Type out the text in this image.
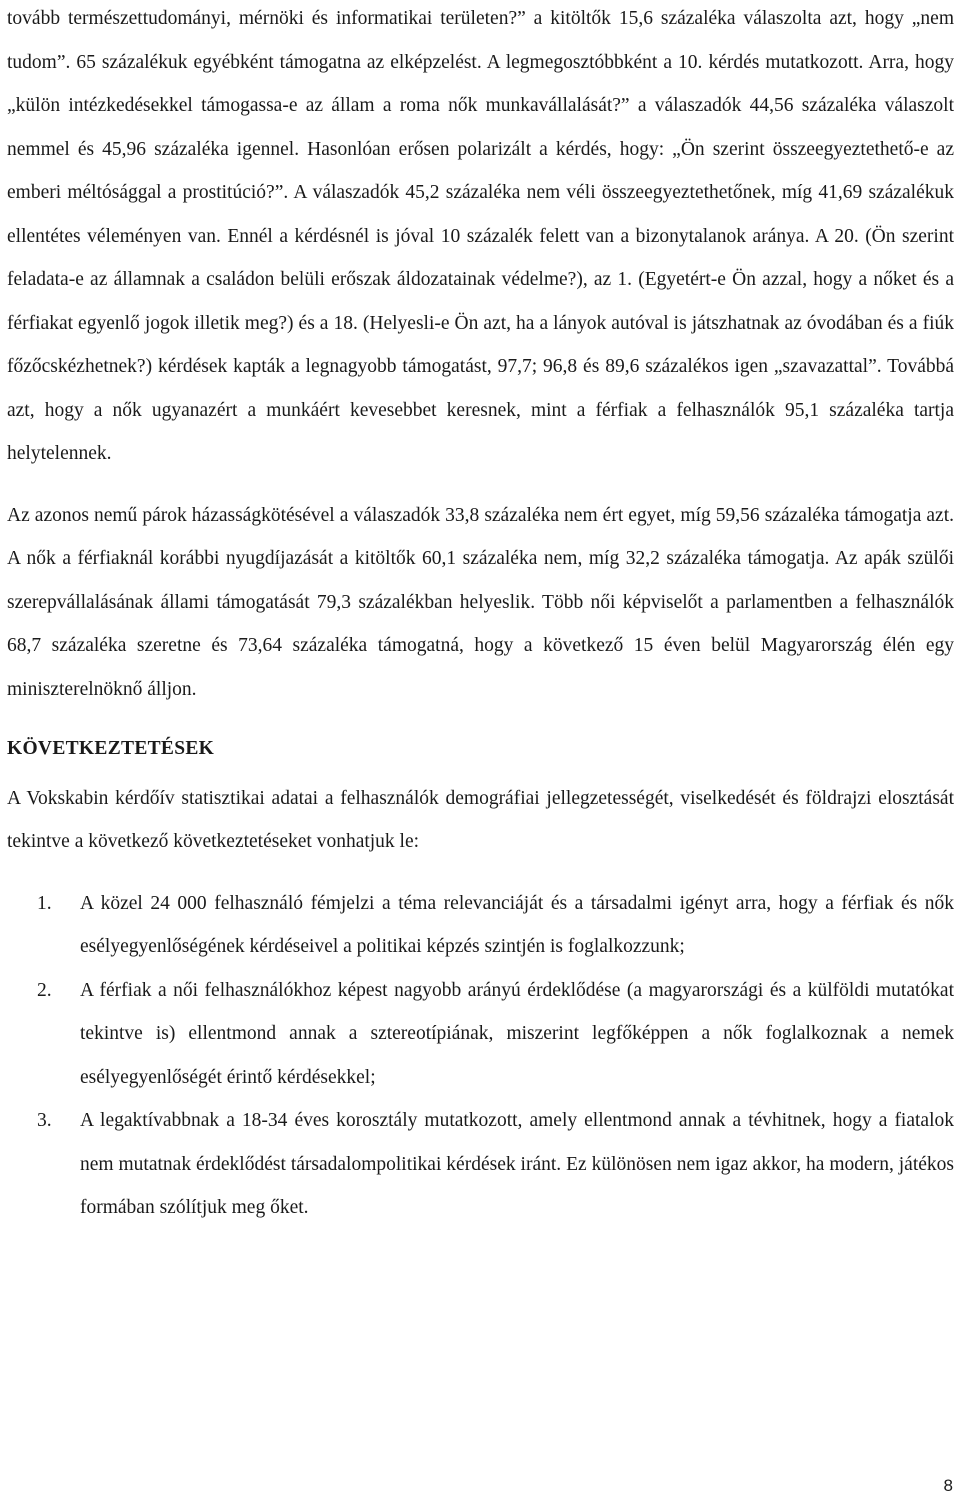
tovább természettudományi, mérnöki és informatikai területen?” a kitöltők 15,6 százaléka válaszolta azt, hogy „nem tudom”. 65 százalékuk egyébként támogatna az elképzelést. A legmegosztóbbként a 10. kérdés mutatkozott. Arra, hogy „külön intézkedésekkel támogassa-e az állam a roma nők munkavállalását?” a válaszadók 44,56 százaléka válaszolt nemmel és 45,96 százaléka igennel. Hasonlóan erősen polarizált a kérdés, hogy: „Ön szerint összeegyeztethető-e az emberi méltósággal a prostitúció?”. A válaszadók 45,2 százaléka nem véli összeegyeztethetőnek, míg 41,69 százalékuk ellentétes véleményen van. Ennél a kérdésnél is jóval 10 százalék felett van a bizonytalanok aránya. A 20. (Ön szerint feladata-e az államnak a családon belüli erőszak áldozatainak védelme?), az 1. (Egyetért-e Ön azzal, hogy a nőket és a férfiakat egyenlő jogok illetik meg?) és a 18. (Helyesli-e Ön azt, ha a lányok autóval is játszhatnak az óvodában és a fiúk főzőcskézhetnek?) kérdések kapták a legnagyobb támogatást, 97,7; 96,8 és 89,6 százalékos igen „szavazattal”. Továbbá azt, hogy a nők ugyanazért a munkáért kevesebbet keresnek, mint a férfiak a felhasználók 95,1 százaléka tartja helytelennek.

Az azonos nemű párok házasságkötésével a válaszadók 33,8 százaléka nem ért egyet, míg 59,56 százaléka támogatja azt. A nők a férfiaknál korábbi nyugdíjazását a kitöltők 60,1 százaléka nem, míg 32,2 százaléka támogatja. Az apák szülői szerepvállalásának állami támogatását 79,3 százalékban helyeslik. Több női képviselőt a parlamentben a felhasználók 68,7 százaléka szeretne és 73,64 százaléka támogatná, hogy a következő 15 éven belül Magyarország élén egy miniszterelnöknő álljon.

KÖVETKEZTETÉSEK

A Vokskabin kérdőív statisztikai adatai a felhasználók demográfiai jellegzetességét, viselkedését és földrajzi elosztását tekintve a következő következtetéseket vonhatjuk le:

1. A közel 24 000 felhasználó fémjelzi a téma relevanciáját és a társadalmi igényt arra, hogy a férfiak és nők esélyegyenlőségének kérdéseivel a politikai képzés szintjén is foglalkozzunk;
2. A férfiak a női felhasználókhoz képest nagyobb arányú érdeklődése (a magyarországi és a külföldi mutatókat tekintve is) ellentmond annak a sztereotípiának, miszerint legfőképpen a nők foglalkoznak a nemek esélyegyenlőségét érintő kérdésekkel;
3. A legaktívabbnak a 18-34 éves korosztály mutatkozott, amely ellentmond annak a tévhitnek, hogy a fiatalok nem mutatnak érdeklődést társadalompolitikai kérdések iránt. Ez különösen nem igaz akkor, ha modern, játékos formában szólítjuk meg őket.
8
